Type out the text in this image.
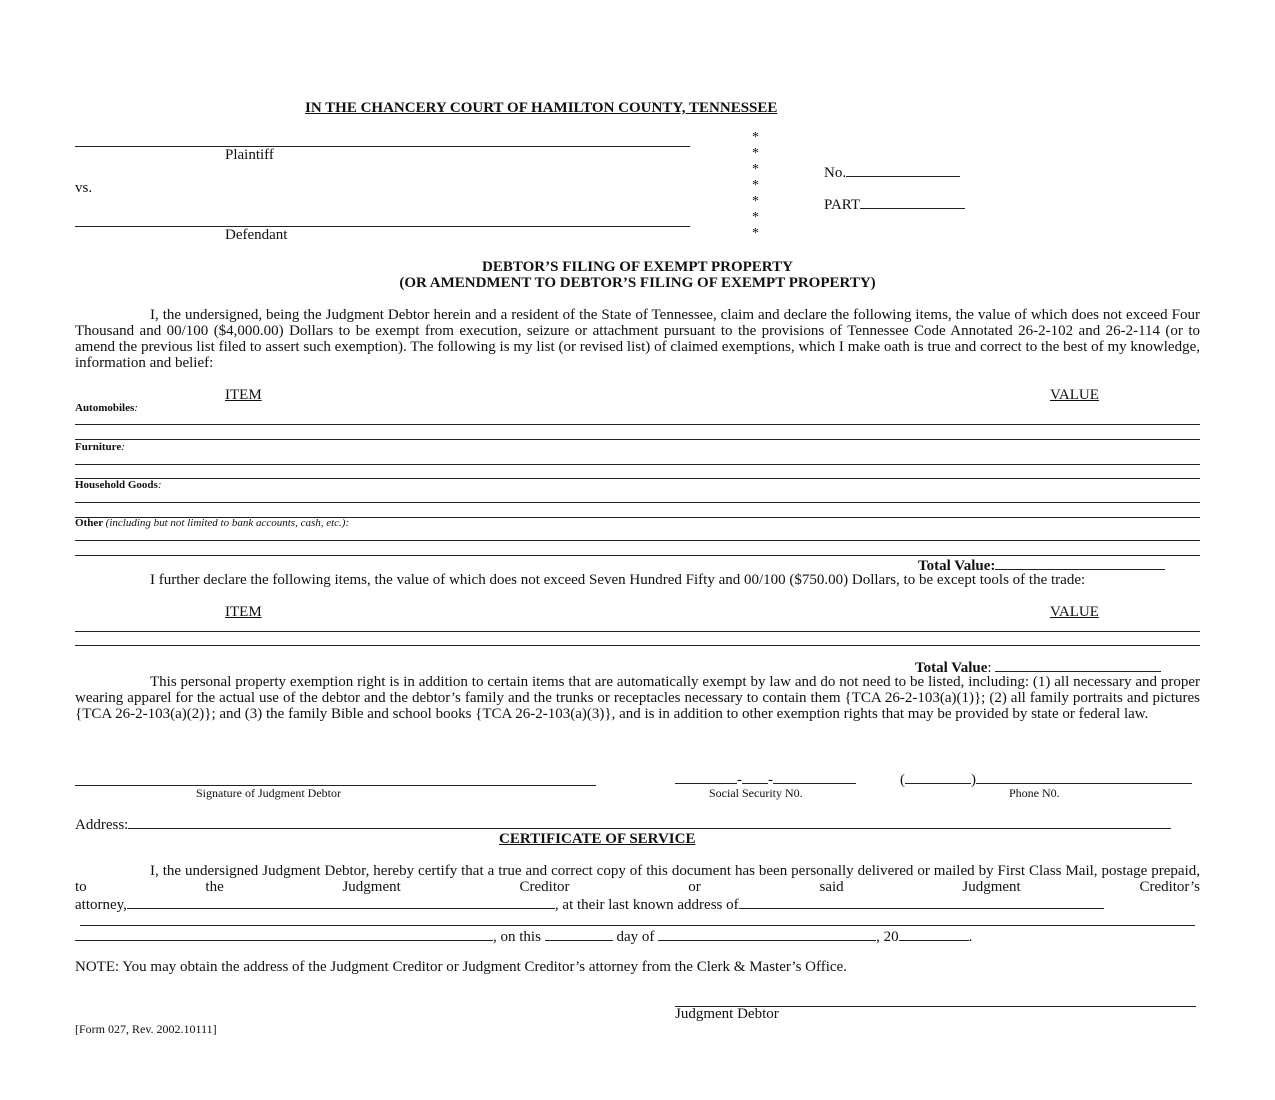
IN THE CHANCERY COURT OF HAMILTON COUNTY, TENNESSEE
Plaintiff
vs.
Defendant
*
*
*
*
*
*
*
No.
PART
DEBTOR’S FILING OF EXEMPT PROPERTY
(OR AMENDMENT TO DEBTOR’S FILING OF EXEMPT PROPERTY)
I, the undersigned, being the Judgment Debtor herein and a resident of the State of Tennessee, claim and declare the following items, the value of which does not exceed Four Thousand and 00/100 ($4,000.00) Dollars to be exempt from execution, seizure or attachment pursuant to the provisions of Tennessee Code Annotated 26-2-102 and 26-2-114 (or to amend the previous list filed to assert such exemption). The following is my list (or revised list) of claimed exemptions, which I make oath is true and correct to the best of my knowledge, information and belief:
ITEM	VALUE
Automobiles:
Furniture:
Household Goods:
Other (including but not limited to bank accounts, cash, etc.):
Total Value:
I further declare the following items, the value of which does not exceed Seven Hundred Fifty and 00/100 ($750.00) Dollars, to be except tools of the trade:
ITEM	VALUE
Total Value:
This personal property exemption right is in addition to certain items that are automatically exempt by law and do not need to be listed, including: (1) all necessary and proper wearing apparel for the actual use of the debtor and the debtor’s family and the trunks or receptacles necessary to contain them {TCA 26-2-103(a)(1)}; (2) all family portraits and pictures {TCA 26-2-103(a)(2)}; and (3) the family Bible and school books {TCA 26-2-103(a)(3)}, and is in addition to other exemption rights that may be provided by state or federal law.
Signature of Judgment Debtor
- -
Social Security N0.
(	)
Phone N0.
Address:
CERTIFICATE OF SERVICE
I, the undersigned Judgment Debtor, hereby certify that a true and correct copy of this document has been personally delivered or mailed by First Class Mail, postage prepaid, to the Judgment Creditor or said Judgment Creditor’s
attorney,	, at their last known address of
, on this	day of	, 20	.
NOTE: You may obtain the address of the Judgment Creditor or Judgment Creditor’s attorney from the Clerk & Master’s Office.
Judgment Debtor
[Form 027, Rev. 2002.10111]
